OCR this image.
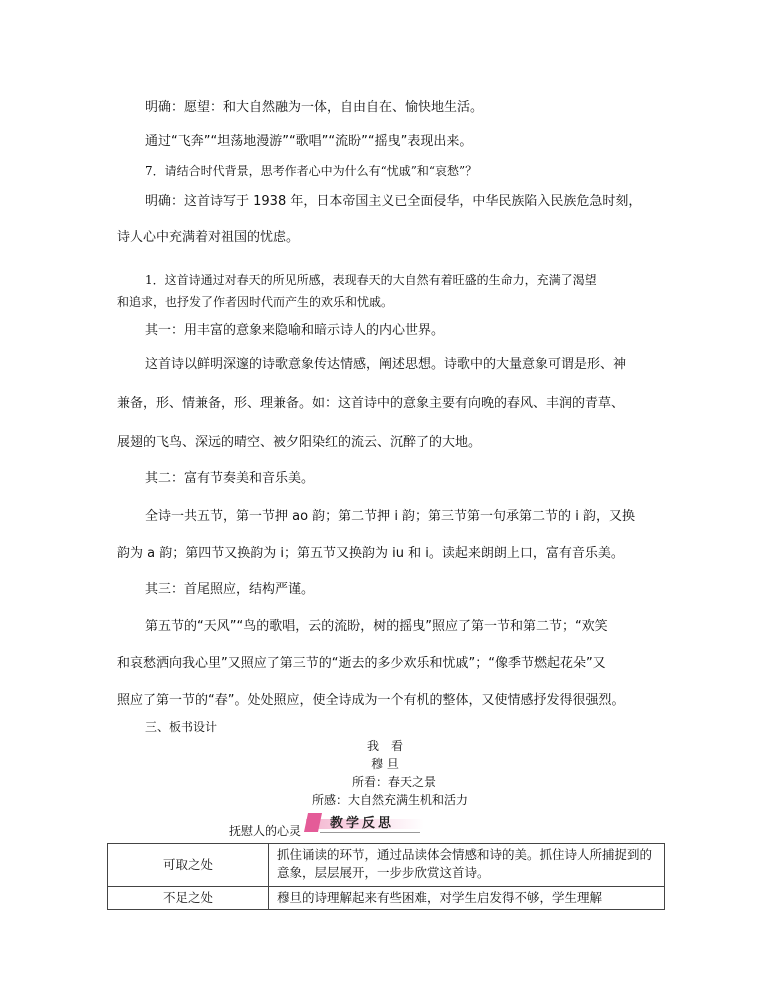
明确：愿望：和大自然融为一体，自由自在、愉快地生活。
通过“飞奔”“坦荡地漫游”“歌唱”“流盼”“摇曳”表现出来。
7．请结合时代背景，思考作者心中为什么有“忧戚”和“哀愁”？
明确：这首诗写于 1938 年，日本帝国主义已全面侵华，中华民族陷入民族危急时刻，
诗人心中充满着对祖国的忧虑。
1．这首诗通过对春天的所见所感，表现春天的大自然有着旺盛的生命力，充满了渴望
和追求，也抒发了作者因时代而产生的欢乐和忧戚。
其一：用丰富的意象来隐喻和暗示诗人的内心世界。
这首诗以鲜明深邃的诗歌意象传达情感，阐述思想。诗歌中的大量意象可谓是形、神
兼备，形、情兼备，形、理兼备。如：这首诗中的意象主要有向晚的春风、丰润的青草、
展翅的飞鸟、深远的晴空、被夕阳染红的流云、沉醉了的大地。
其二：富有节奏美和音乐美。
全诗一共五节，第一节押 ao 韵；第二节押 i 韵；第三节第一句承第二节的 i 韵，又换
韵为 a 韵；第四节又换韵为 i；第五节又换韵为 iu 和 i。读起来朗朗上口，富有音乐美。
其三：首尾照应，结构严谨。
第五节的“天风”“鸟的歌唱，云的流盼，树的摇曳”照应了第一节和第二节；“欢笑
和哀愁洒向我心里”又照应了第三节的“逝去的多少欢乐和忧戚”；“像季节燃起花朵”又
照应了第一节的“春”。处处照应，使全诗成为一个有机的整体，又使情感抒发得很强烈。
三、板书设计
我　看
穆 旦
所看：春天之景
所感：大自然充满生机和活力
抚慰人的心灵 教学反思
可取之处	抓住诵读的环节，通过品读体会情感和诗的美。抓住诗人所捕捉到的意象，层层展开，一步步欣赏这首诗。
不足之处	穆旦的诗理解起来有些困难，对学生启发得不够，学生理解
